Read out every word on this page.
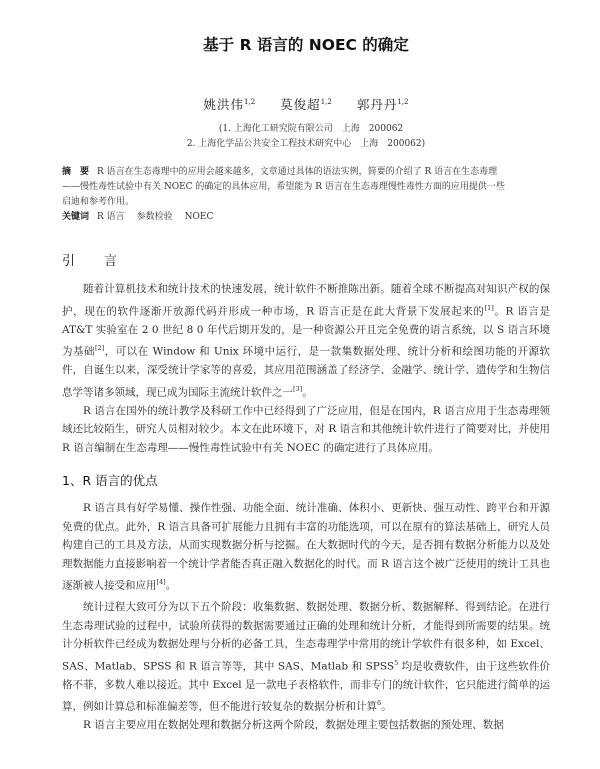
基于 R 语言的 NOEC 的确定
姚洪伟$^{1,2}$ 莫俊超$^{1,2}$ 郭丹丹$^{1,2}$
(1. 上海化工研究院有限公司　上海　200062
2. 上海化学品公共安全工程技术研究中心　上海　200062)
摘　要 R 语言在生态毒理中的应用会越来越多，文章通过具体的语法实例，简要的介绍了 R 语言在生态毒理——慢性毒性试验中有关 NOEC 的确定的具体应用，希望能为 R 语言在生态毒理慢性毒性方面的应用提供一些启迪和参考作用。
关键词 R 语言 参数检验 NOEC
引　言

随着计算机技术和统计技术的快速发展，统计软件不断推陈出新。随着全球不断提高对知识产权的保护，现在的软件逐渐开放源代码并形成一种市场，R 语言正是在此大背景下发展起来的[1]。R 语言是 AT&T 实验室在 2 0 世纪 8 0 年代后期开发的，是一种资源公开且完全免费的语言系统，以 S 语言环境为基础[2]，可以在 Window 和 Unix 环境中运行，是一款集数据处理、统计分析和绘图功能的开源软件，自诞生以来，深受统计学家等的喜爱，其应用范围涵盖了经济学、金融学、统计学、遗传学和生物信息学等诸多领域，现已成为国际主流统计软件之一[3]。

R 语言在国外的统计教学及科研工作中已经得到了广泛应用，但是在国内，R 语言应用于生态毒理领域还比较陌生，研究人员相对较少。本文在此环境下，对 R 语言和其他统计软件进行了简要对比，并使用 R 语言编制在生态毒理——慢性毒性试验中有关 NOEC 的确定进行了具体应用。

1、R 语言的优点

R 语言具有好学易懂、操作性强、功能全面、统计准确、体积小、更新快、强互动性、跨平台和开源免费的优点。此外，R 语言具备可扩展能力且拥有丰富的功能选项，可以在原有的算法基础上，研究人员构建自己的工具及方法，从而实现数据分析与挖掘。在大数据时代的今天，是否拥有数据分析能力以及处理数据能力直接影响着一个统计学者能否真正融入数据化的时代。而 R 语言这个被广泛使用的统计工具也逐渐被人接受和应用[4]。

统计过程大致可分为以下五个阶段：收集数据、数据处理、数据分析、数据解释、得到结论。在进行生态毒理试验的过程中，试验所获得的数据需要通过正确的处理和统计分析，才能得到所需要的结果。统计分析软件已经成为数据处理与分析的必备工具，生态毒理学中常用的统计学软件有很多种，如 Excel、SAS、Matlab、SPSS 和 R 语言等等，其中 SAS、Matlab 和 SPSS$^5$ 均是收费软件，由于这些软件价格不菲，多数人难以接近。其中 Excel 是一款电子表格软件，而非专门的统计软件，它只能进行简单的运算，例如计算总和标准偏差等，但不能进行较复杂的数据分析和计算$^6$。

R 语言主要应用在数据处理和数据分析这两个阶段，数据处理主要包括数据的预处理、数据
